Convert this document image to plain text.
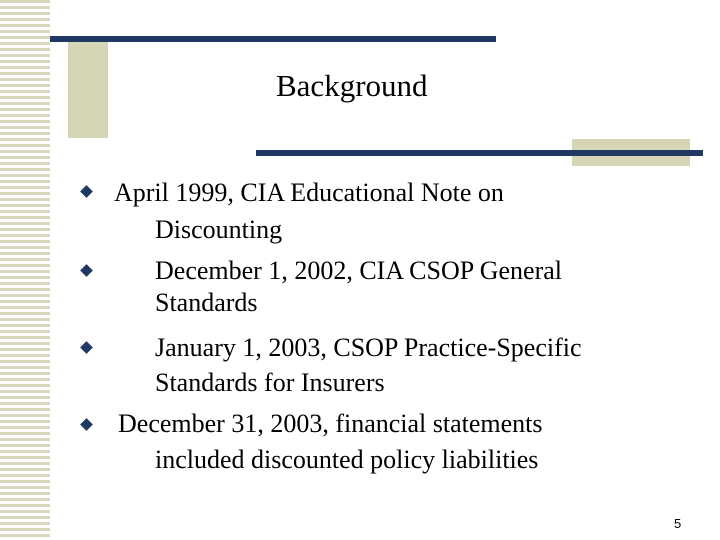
Background
April 1999, CIA Educational Note on
Discounting
December 1, 2002, CIA CSOP General
Standards
January 1, 2003, CSOP Practice-Specific
Standards for Insurers
December 31, 2003, financial statements
included discounted policy liabilities
5
